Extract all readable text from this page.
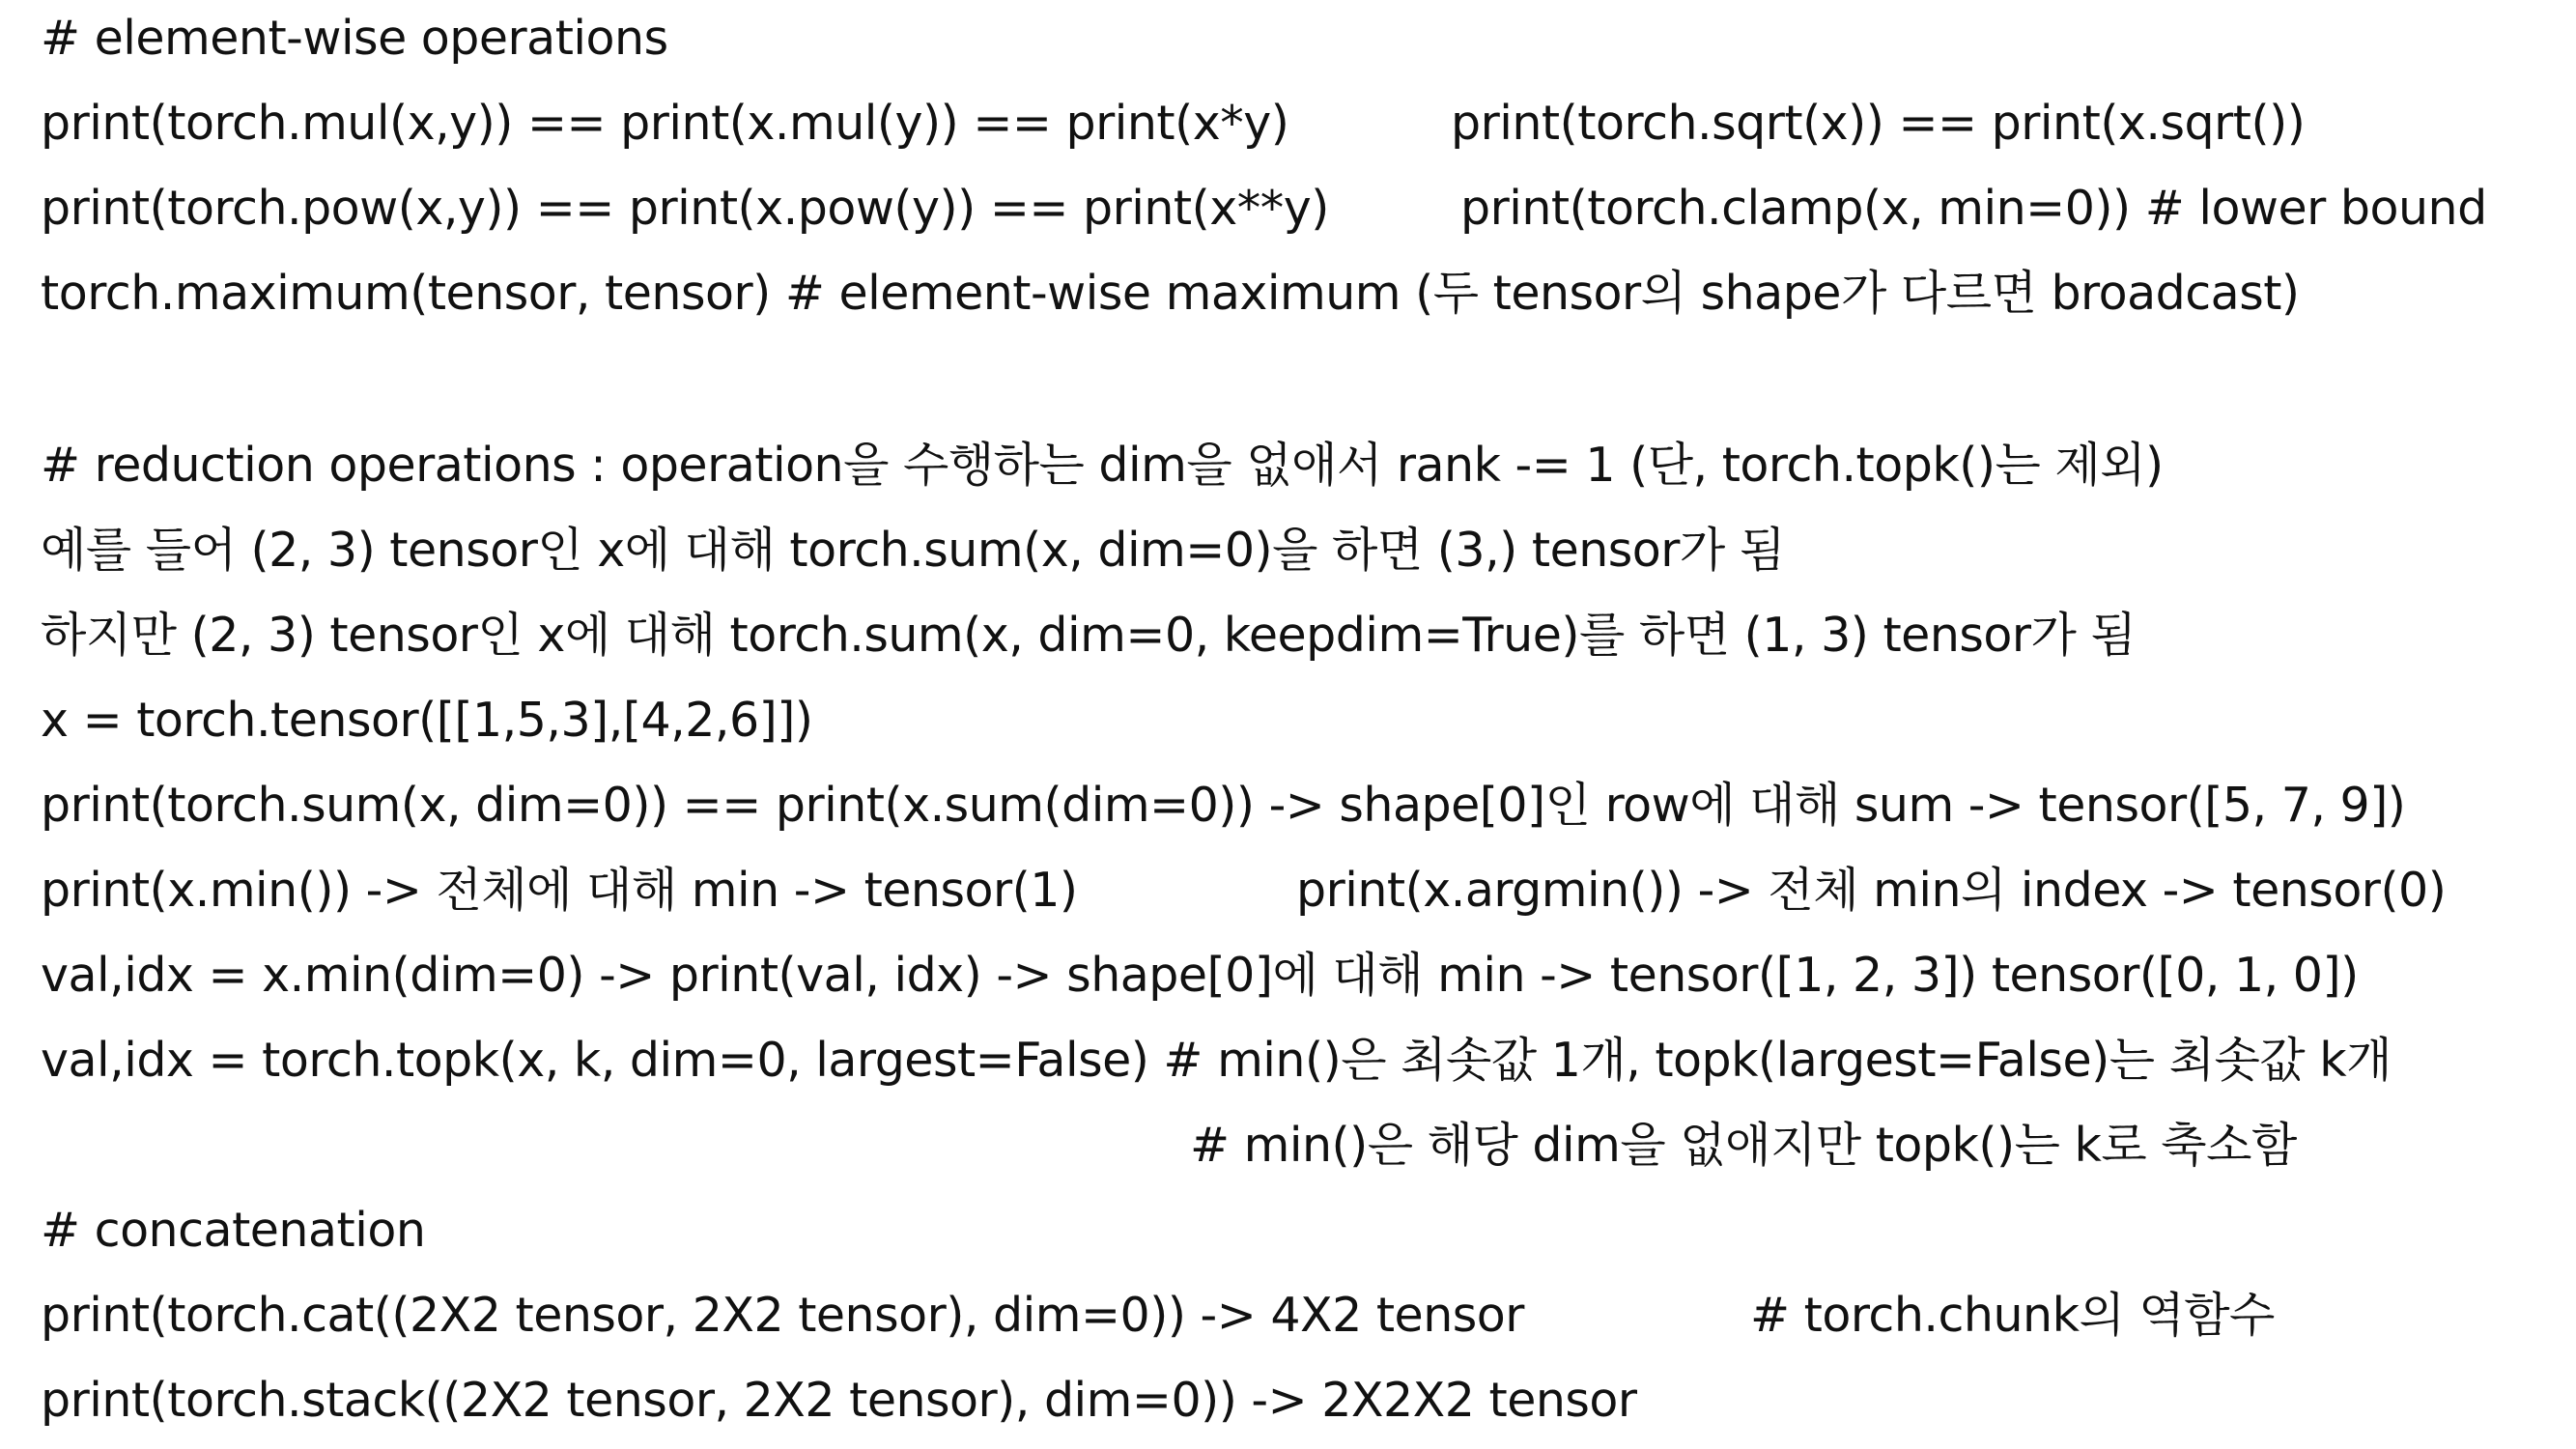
# element-wise operations
print(torch.mul(x,y)) == print(x.mul(y)) == print(x*y)	print(torch.sqrt(x)) == print(x.sqrt())
print(torch.pow(x,y)) == print(x.pow(y)) == print(x**y)	print(torch.clamp(x, min=0)) # lower bound
torch.maximum(tensor, tensor) # element-wise maximum (두 tensor의 shape가 다르면 broadcast)
# reduction operations : operation을 수행하는 dim을 없애서 rank -= 1 (단, torch.topk()는 제외)
예를 들어 (2, 3) tensor인 x에 대해 torch.sum(x, dim=0)을 하면 (3,) tensor가 됨
하지만 (2, 3) tensor인 x에 대해 torch.sum(x, dim=0, keepdim=True)를 하면 (1, 3) tensor가 됨
x = torch.tensor([[1,5,3],[4,2,6]])
print(torch.sum(x, dim=0)) == print(x.sum(dim=0)) -> shape[0]인 row에 대해 sum -> tensor([5, 7, 9])
print(x.min()) -> 전체에 대해 min -> tensor(1)	print(x.argmin()) -> 전체 min의 index -> tensor(0)
val,idx = x.min(dim=0) -> print(val, idx) -> shape[0]에 대해 min -> tensor([1, 2, 3]) tensor([0, 1, 0])
val,idx = torch.topk(x, k, dim=0, largest=False) # min()은 최솟값 1개, topk(largest=False)는 최솟값 k개
# min()은 해당 dim을 없애지만 topk()는 k로 축소함
# concatenation
print(torch.cat((2X2 tensor, 2X2 tensor), dim=0)) -> 4X2 tensor	# torch.chunk의 역함수
print(torch.stack((2X2 tensor, 2X2 tensor), dim=0)) -> 2X2X2 tensor
